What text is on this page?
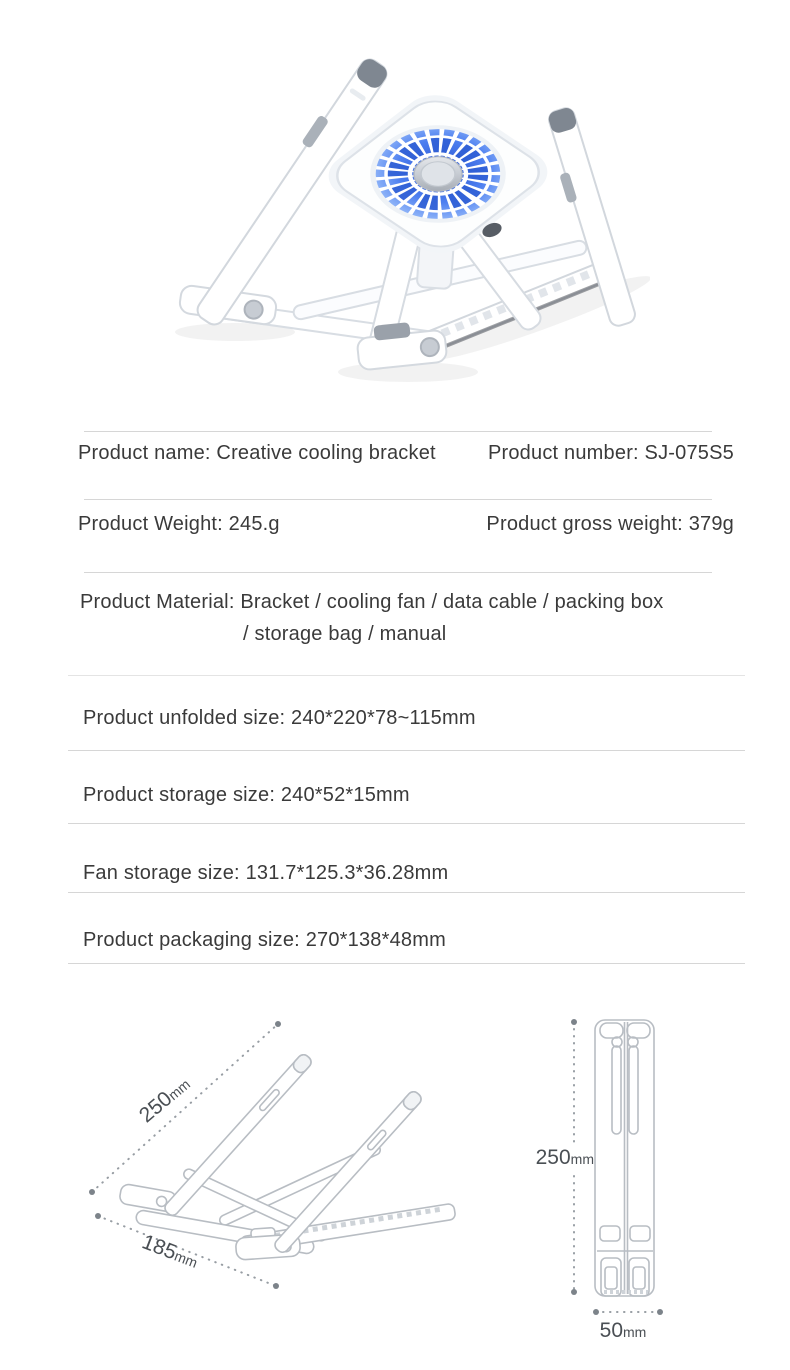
Product name: Creative cooling bracket	Product number: SJ-075S5
Product Weight: 245.g	Product gross weight: 379g
Product Material: Bracket / cooling fan / data cable / packing box
/ storage bag / manual
Product unfolded size: 240*220*78~115mm
Product storage size: 240*52*15mm
Fan storage size: 131.7*125.3*36.28mm
Product packaging size: 270*138*48mm
250mm
185mm
250mm
50mm
